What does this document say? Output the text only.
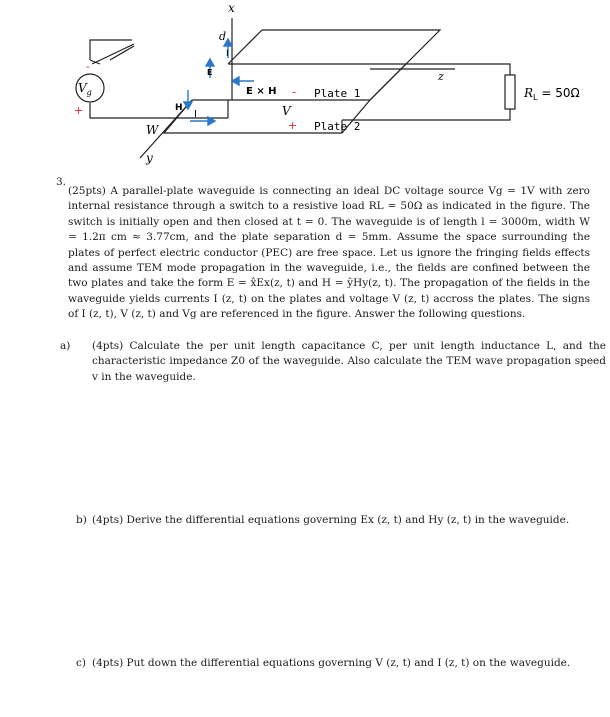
$V_g$
+
-
x
y
z
d
W
E
I
H
I
E × H -
V
+
Plate 1
Plate 2
$R_L = 50\Omega$
3.

(25pts) A parallel-plate waveguide is connecting an ideal DC voltage source Vg = 1V with zero internal resistance through a switch to a resistive load RL = 50Ω as indicated in the figure. The switch is initially open and then closed at t = 0. The waveguide is of length l = 3000m, width W = 1.2π cm ≈ 3.77cm, and the plate separation d = 5mm. Assume the space surrounding the plates of perfect electric conductor (PEC) are free space. Let us ignore the fringing fields effects and assume TEM mode propagation in the waveguide, i.e., the fields are confined between the two plates and take the form E = x̂Ex(z, t) and H = ŷHy(z, t). The propagation of the fields in the waveguide yields currents I (z, t) on the plates and voltage V (z, t) accross the plates. The signs of I (z, t), V (z, t) and Vg are referenced in the figure. Answer the following questions.

a) (4pts) Calculate the per unit length capacitance C, per unit length inductance L, and the characteristic impedance Z0 of the waveguide. Also calculate the TEM wave propagation speed v in the waveguide.

b) (4pts) Derive the differential equations governing Ex (z, t) and Hy (z, t) in the waveguide.

c) (4pts) Put down the differential equations governing V (z, t) and I (z, t) on the waveguide.
